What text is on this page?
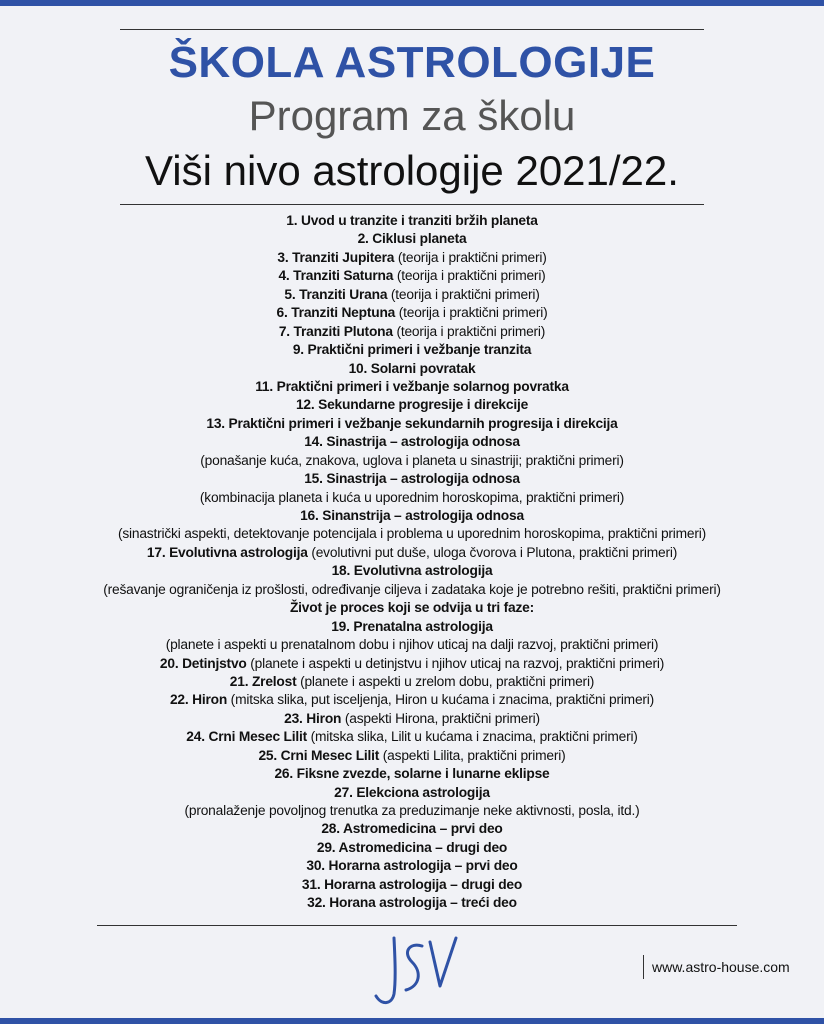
ŠKOLA ASTROLOGIJE
Program za školu
Viši nivo astrologije 2021/22.
1. Uvod u tranzite i tranziti bržih planeta
2. Ciklusi planeta
3. Tranziti Jupitera (teorija i praktični primeri)
4. Tranziti Saturna (teorija i praktični primeri)
5. Tranziti Urana (teorija i praktični primeri)
6. Tranziti Neptuna (teorija i praktični primeri)
7. Tranziti Plutona (teorija i praktični primeri)
9. Praktični primeri i vežbanje tranzita
10. Solarni povratak
11. Praktični primeri i vežbanje solarnog povratka
12. Sekundarne progresije i direkcije
13. Praktični primeri i vežbanje sekundarnih progresija i direkcija
14. Sinastrija – astrologija odnosa
(ponašanje kuća, znakova, uglova i planeta u sinastriji; praktični primeri)
15. Sinastrija – astrologija odnosa
(kombinacija planeta i kuća u uporednim horoskopima, praktični primeri)
16. Sinanstrija – astrologija odnosa
(sinastrički aspekti, detektovanje potencijala i problema u uporednim horoskopima, praktični primeri)
17. Evolutivna astrologija (evolutivni put duše, uloga čvorova i Plutona, praktični primeri)
18. Evolutivna astrologija
(rešavanje ograničenja iz prošlosti, određivanje ciljeva i zadataka koje je potrebno rešiti, praktični primeri)
Život je proces koji se odvija u tri faze:
19. Prenatalna astrologija
(planete i aspekti u prenatalnom dobu i njihov uticaj na dalji razvoj, praktični primeri)
20. Detinjstvo (planete i aspekti u detinjstvu i njihov uticaj na razvoj, praktični primeri)
21. Zrelost (planete i aspekti u zrelom dobu, praktični primeri)
22. Hiron (mitska slika, put isceljenja, Hiron u kućama i znacima, praktični primeri)
23. Hiron (aspekti Hirona, praktični primeri)
24. Crni Mesec Lilit (mitska slika, Lilit u kućama i znacima, praktični primeri)
25. Crni Mesec Lilit (aspekti Lilita, praktični primeri)
26. Fiksne zvezde, solarne i lunarne eklipse
27. Elekciona astrologija
(pronalaženje povoljnog trenutka za preduzimanje neke aktivnosti, posla, itd.)
28. Astromedicina – prvi deo
29. Astromedicina – drugi deo
30. Horarna astrologija – prvi deo
31. Horarna astrologija – drugi deo
32. Horana astrologija – treći deo
www.astro-house.com
